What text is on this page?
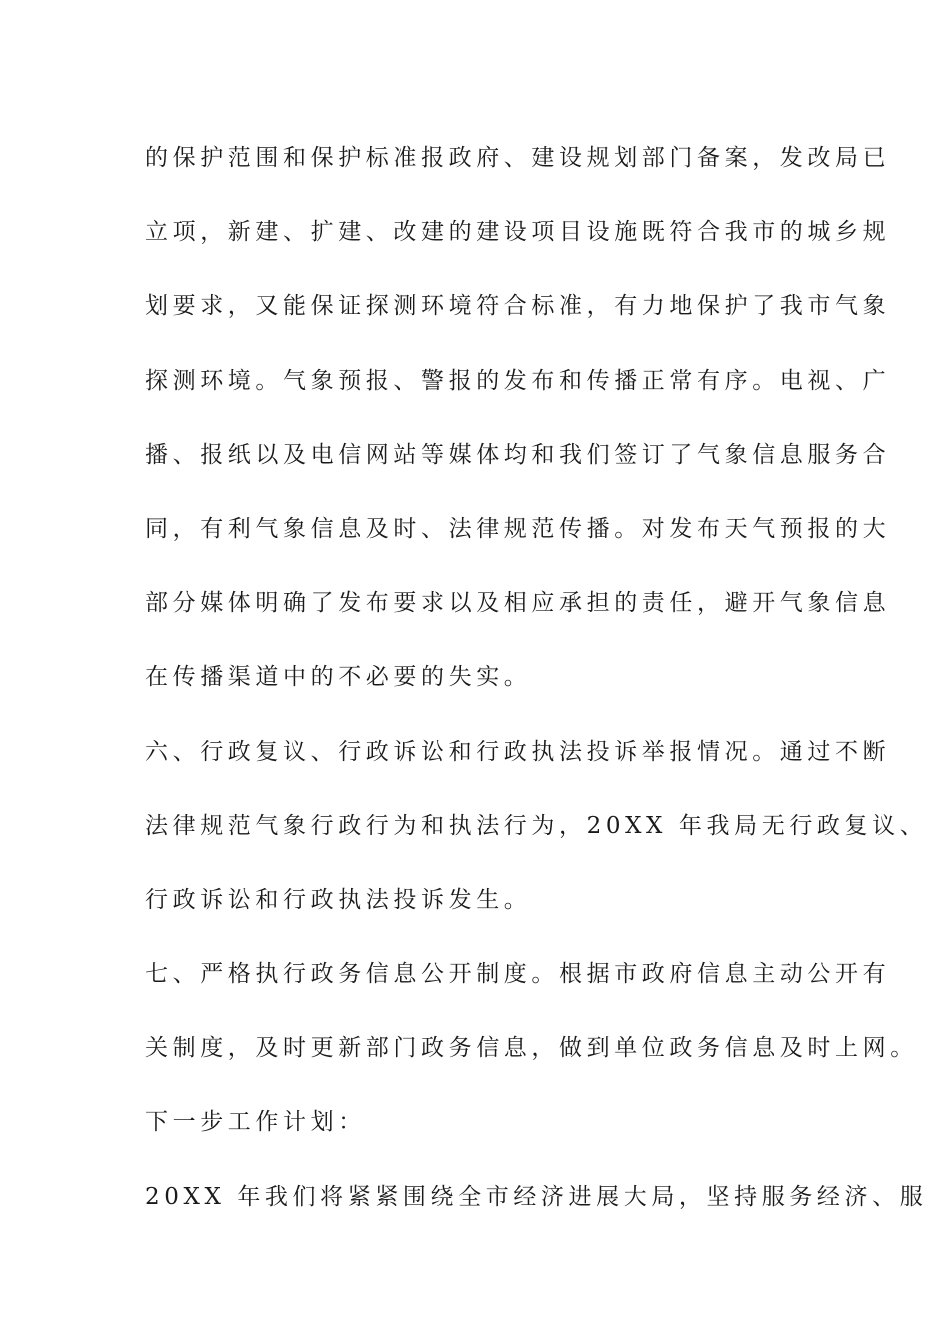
的保护范围和保护标准报政府、建设规划部门备案，发改局已
立项，新建、扩建、改建的建设项目设施既符合我市的城乡规
划要求，又能保证探测环境符合标准，有力地保护了我市气象
探测环境。气象预报、警报的发布和传播正常有序。电视、广
播、报纸以及电信网站等媒体均和我们签订了气象信息服务合
同，有利气象信息及时、法律规范传播。对发布天气预报的大
部分媒体明确了发布要求以及相应承担的责任，避开气象信息
在传播渠道中的不必要的失实。
六、行政复议、行政诉讼和行政执法投诉举报情况。通过不断
法律规范气象行政行为和执法行为，20XX 年我局无行政复议、
行政诉讼和行政执法投诉发生。
七、严格执行政务信息公开制度。根据市政府信息主动公开有
关制度，及时更新部门政务信息，做到单位政务信息及时上网。
下一步工作计划：
20XX 年我们将紧紧围绕全市经济进展大局，坚持服务经济、服
